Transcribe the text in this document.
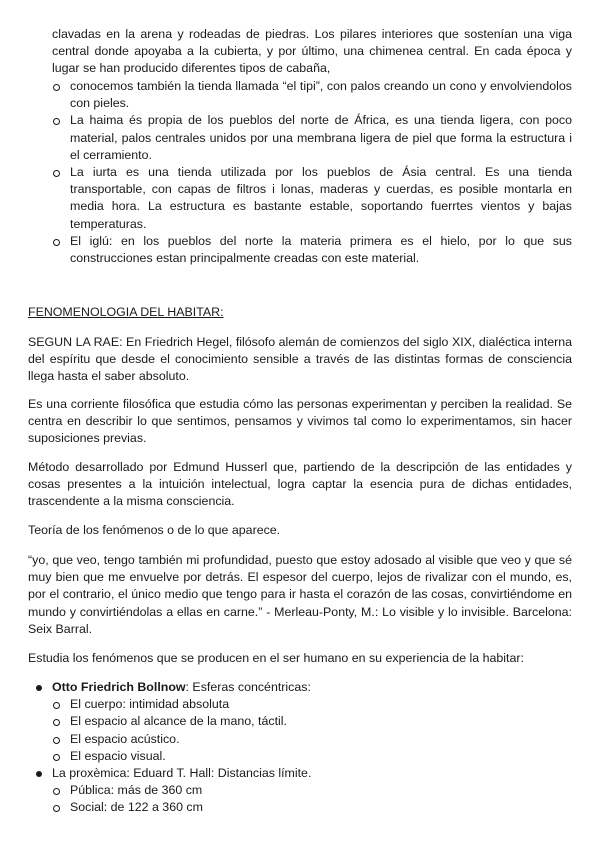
clavadas en la arena y rodeadas de piedras. Los pilares interiores que sostenían una viga central donde apoyaba a la cubierta, y por último, una chimenea central. En cada época y lugar se han producido diferentes tipos de cabaña,
conocemos también la tienda llamada “el tipi”, con palos creando un cono y envolviendolos con pieles.
La haima és propia de los pueblos del norte de África, es una tienda ligera, con poco material, palos centrales unidos por una membrana ligera de piel que forma la estructura i el cerramiento.
La iurta es una tienda utilizada por los pueblos de Ásia central. Es una tienda transportable, con capas de filtros i lonas, maderas y cuerdas, es posible montarla en media hora. La estructura es bastante estable, soportando fuerrtes vientos y bajas temperaturas.
El iglú: en los pueblos del norte la materia primera es el hielo, por lo que sus construcciones estan principalmente creadas con este material.
FENOMENOLOGIA DEL HABITAR:

SEGUN LA RAE: En Friedrich Hegel, filósofo alemán de comienzos del siglo XIX, dialéctica interna del espíritu que desde el conocimiento sensible a través de las distintas formas de consciencia llega hasta el saber absoluto.

Es una corriente filosófica que estudia cómo las personas experimentan y perciben la realidad. Se centra en describir lo que sentimos, pensamos y vivimos tal como lo experimentamos, sin hacer suposiciones previas.

Método desarrollado por Edmund Husserl que, partiendo de la descripción de las entidades y cosas presentes a la intuición intelectual, logra captar la esencia pura de dichas entidades, trascendente a la misma consciencia.

Teoría de los fenómenos o de lo que aparece.

“yo, que veo, tengo también mi profundidad, puesto que estoy adosado al visible que veo y que sé muy bien que me envuelve por detrás. El espesor del cuerpo, lejos de rivalizar con el mundo, es, por el contrario, el único medio que tengo para ir hasta el corazón de las cosas, convirtiéndome en mundo y convirtiéndolas a ellas en carne.” - Merleau-Ponty, M.: Lo visible y lo invisible. Barcelona: Seix Barral.

Estudia los fenómenos que se producen en el ser humano en su experiencia de la habitar:

Otto Friedrich Bollnow: Esferas concéntricas:
El cuerpo: intimidad absoluta
El espacio al alcance de la mano, táctil.
El espacio acústico.
El espacio visual.
La proxèmica: Eduard T. Hall: Distancias límite.
Pública: más de 360 cm
Social: de 122 a 360 cm
